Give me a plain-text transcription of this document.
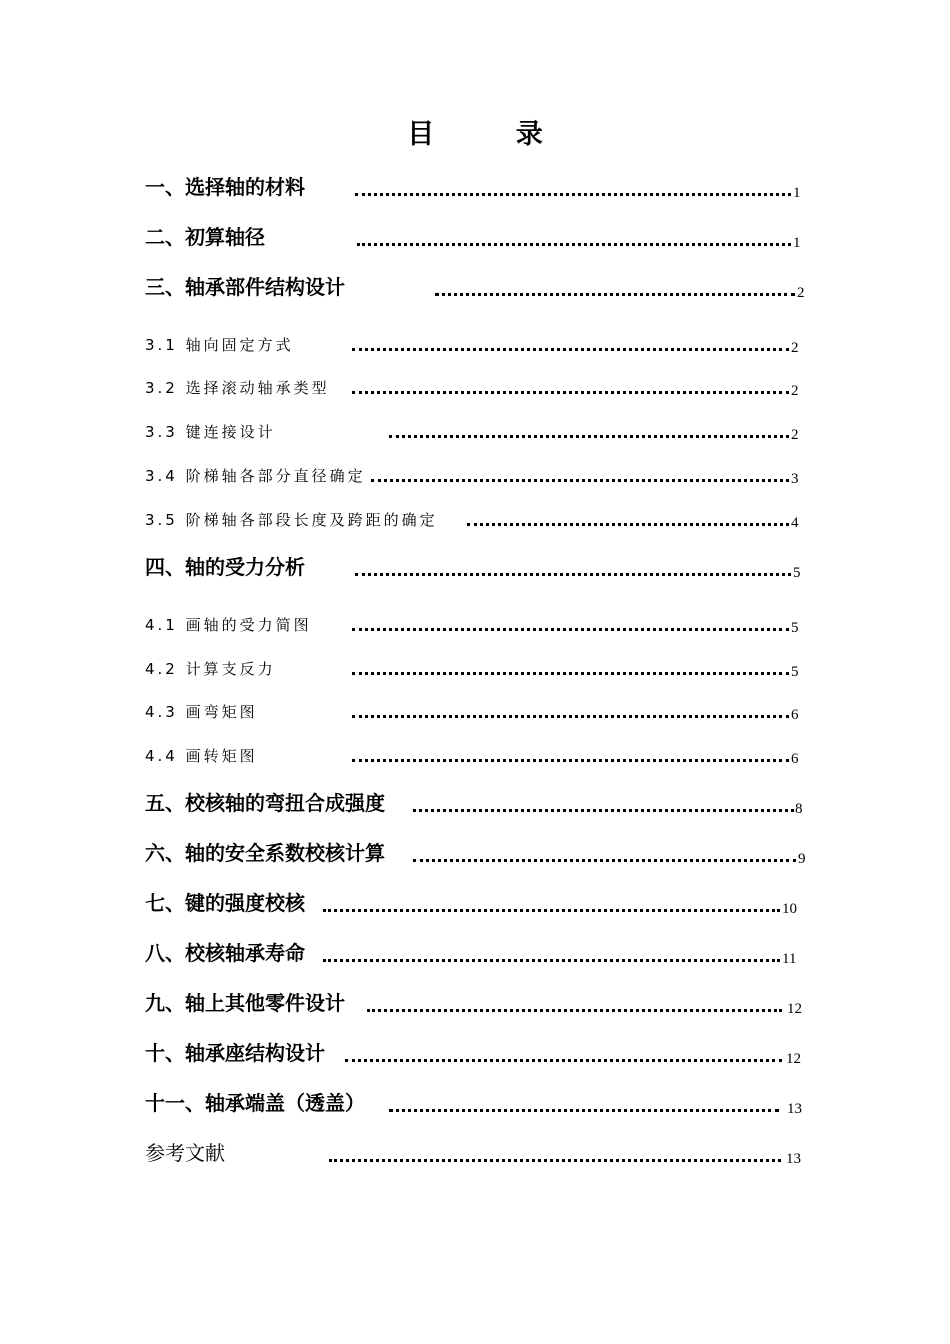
目 录
一、选择轴的材料	1
二、初算轴径	1
三、轴承部件结构设计	2
3.1 轴向固定方式	2
3.2 选择滚动轴承类型	2
3.3 键连接设计	2
3.4 阶梯轴各部分直径确定	3
3.5 阶梯轴各部段长度及跨距的确定	4
四、轴的受力分析	5
4.1 画轴的受力简图	5
4.2 计算支反力	5
4.3 画弯矩图	6
4.4 画转矩图	6
五、校核轴的弯扭合成强度	8
六、轴的安全系数校核计算	9
七、键的强度校核	10
八、校核轴承寿命	11
九、轴上其他零件设计	12
十、轴承座结构设计	12
十一、轴承端盖（透盖）	13
参考文献	13
